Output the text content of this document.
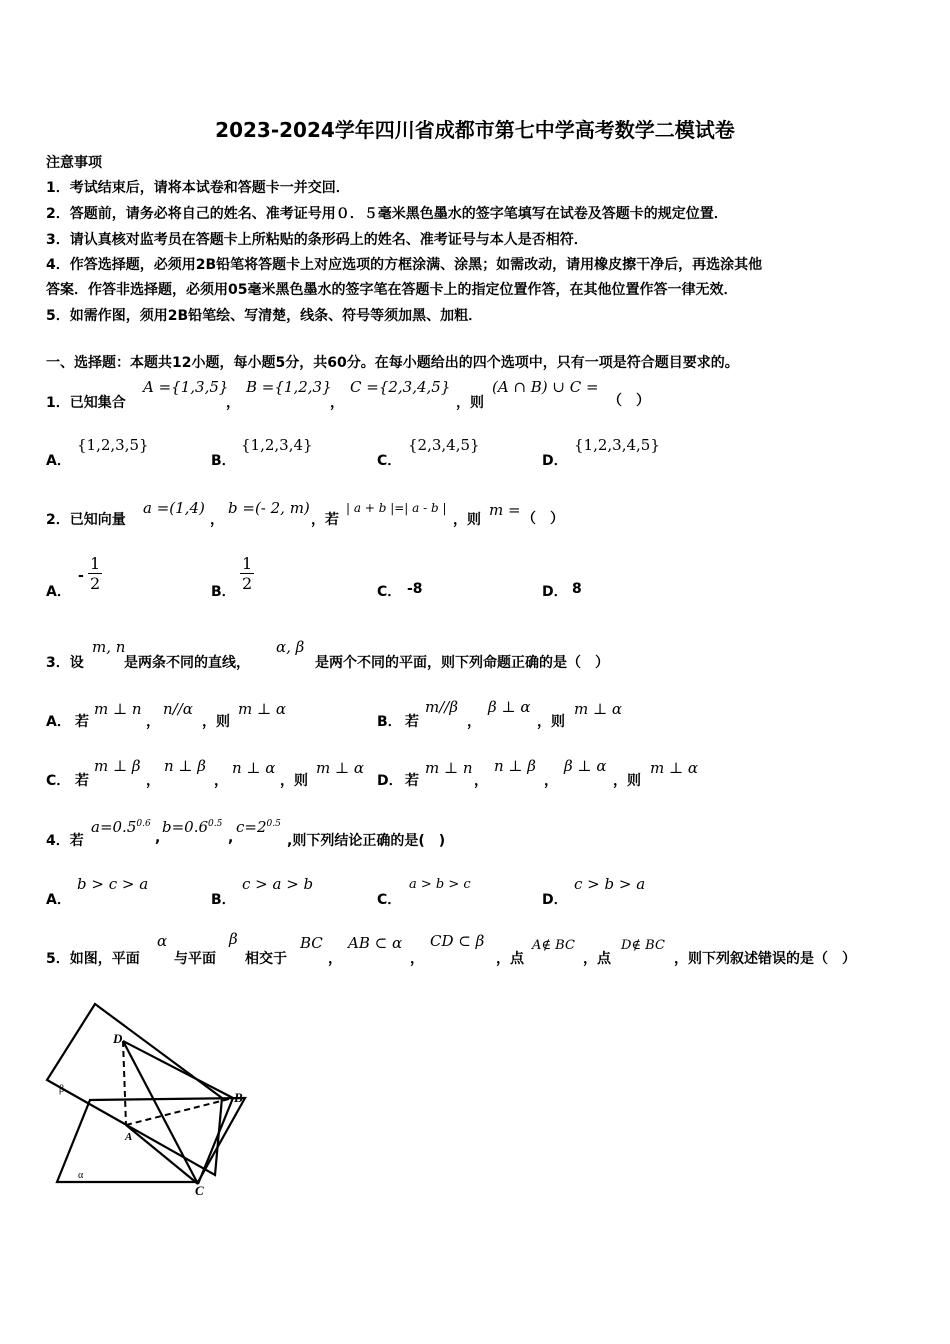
2023-2024学年四川省成都市第七中学高考数学二模试卷
注意事项
1．考试结束后，请将本试卷和答题卡一并交回．
2．答题前，请务必将自己的姓名、准考证号用０．５毫米黑色墨水的签字笔填写在试卷及答题卡的规定位置．
3．请认真核对监考员在答题卡上所粘贴的条形码上的姓名、准考证号与本人是否相符．
4．作答选择题，必须用2B铅笔将答题卡上对应选项的方框涂满、涂黑；如需改动，请用橡皮擦干净后，再选涂其他
答案．作答非选择题，必须用05毫米黑色墨水的签字笔在答题卡上的指定位置作答，在其他位置作答一律无效．
5．如需作图，须用2B铅笔绘、写清楚，线条、符号等须加黑、加粗．
一、选择题：本题共12小题，每小题5分，共60分。在每小题给出的四个选项中，只有一项是符合题目要求的。
1．已知集合
A ={1,3,5}
，
B ={1,2,3}
，
C ={2,3,4,5}
，则
(A ∩ B) ∪ C =
（　）
A．
{1,2,3,5}
B．
{1,2,3,4}
C．
{2,3,4,5}
D．
{1,2,3,4,5}
2．已知向量
a =(1,4)
，
b =(- 2, m)
，若
| a + b |=| a - b |
，则
m = （　）
A．
- $\frac{1}{2}$	B． $\frac{1}{2}$	C． -8	D． 8
3．设
m, n
是两条不同的直线，
α, β
是两个不同的平面，则下列命题正确的是（　）
A． 若
m ⊥ n
，
n//α
，则
m ⊥ α
B． 若
m//β
，
β ⊥ α
，则
m ⊥ α
C． 若
m ⊥ β
，
n ⊥ β
，
n ⊥ α
，则
m ⊥ α
D． 若
m ⊥ n
，
n ⊥ β
，
β ⊥ α
，则
m ⊥ α
4．若
$a=0.5^{0.6}$
,
$b=0.6^{0.5}$
,
$c=2^{0.5}$
,则下列结论正确的是(　)
A．
b > c > a
B．
c > a > b
C．
a > b > c
D．
c > b > a
5．如图，平面
α
与平面
β
相交于
BC
，
AB ⊂ α
，
CD ⊂ β
，点
A∉ BC
，点
D∉ BC
，则下列叙述错误的是（　）
D
B
A
C
β
α
